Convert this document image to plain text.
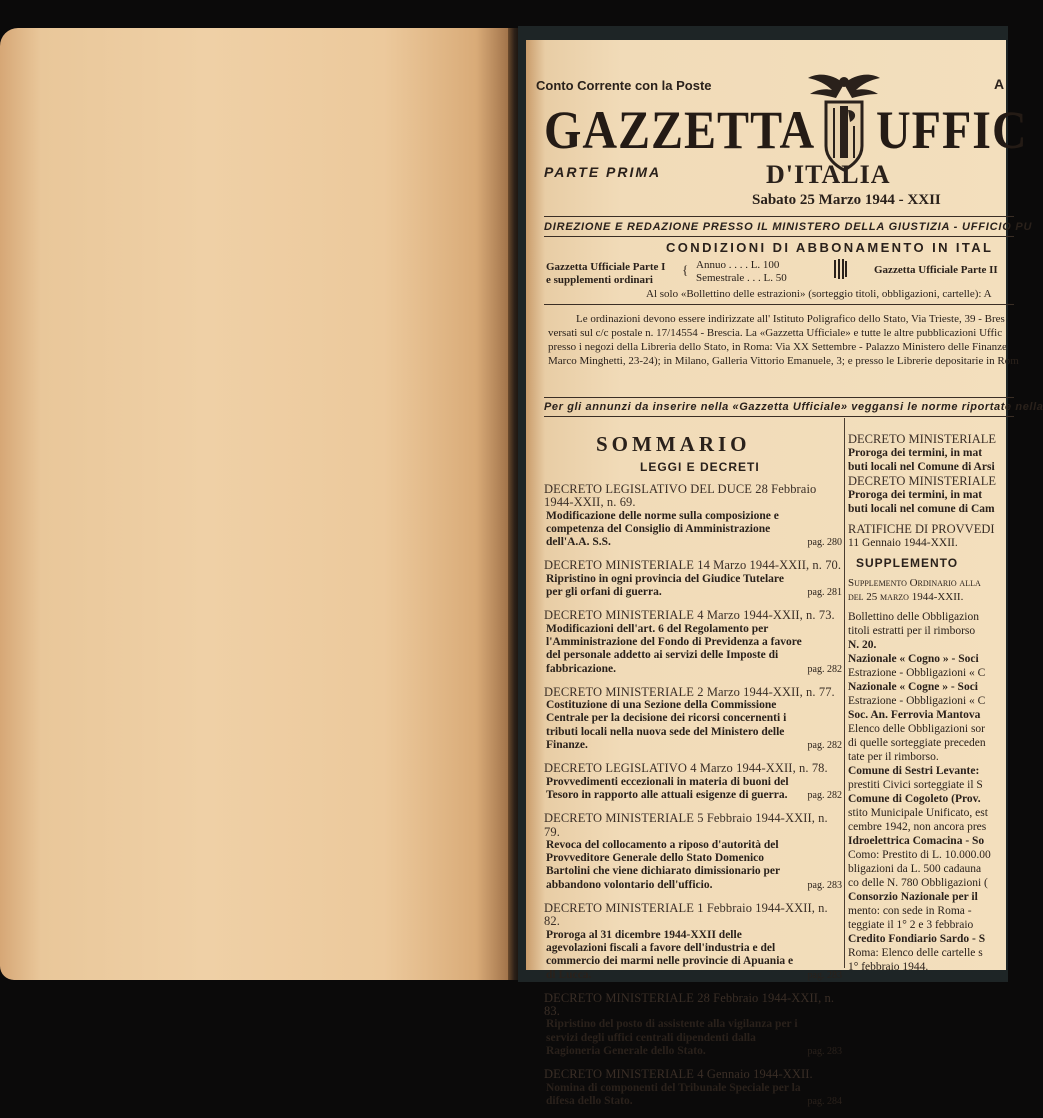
Conto Corrente con la Poste	A
GAZZETTA UFFIC
PARTE PRIMA	D'ITALIA
Sabato 25 Marzo 1944 - XXII
DIREZIONE E REDAZIONE PRESSO IL MINISTERO DELLA GIUSTIZIA - UFFICIO PU
CONDIZIONI DI ABBONAMENTO IN ITAL
Gazzetta Ufficiale Parte I
e supplementi ordinari
{ Annuo . . . . L. 100
Semestrale . . . L. 50
Gazzetta Ufficiale Parte II
Al solo «Bollettino delle estrazioni» (sorteggio titoli, obbligazioni, cartelle): A
Le ordinazioni devono essere indirizzate all' Istituto Poligrafico dello Stato, Via Trieste, 39 - Bres
versati sul c/c postale n. 17/14554 - Brescia. La «Gazzetta Ufficiale» e tutte le altre pubblicazioni Uffic
presso i negozi della Libreria dello Stato, in Roma: Via XX Settembre - Palazzo Ministero delle Finanze
Marco Minghetti, 23-24); in Milano, Galleria Vittorio Emanuele, 3; e presso le Librerie depositarie in Rom
Per gli annunzi da inserire nella «Gazzetta Ufficiale» veggansi le norme riportate nella
SOMMARIO
LEGGI E DECRETI
DECRETO LEGISLATIVO DEL DUCE 28 Febbraio 1944-XXII, n. 69.
Modificazione delle norme sulla composizione e competenza del Consiglio di Amministrazione dell'A.A. S.S.	pag. 280
DECRETO MINISTERIALE 14 Marzo 1944-XXII, n. 70.
Ripristino in ogni provincia del Giudice Tutelare per gli orfani di guerra.	pag. 281
DECRETO MINISTERIALE 4 Marzo 1944-XXII, n. 73.
Modificazioni dell'art. 6 del Regolamento per l'Amministrazione del Fondo di Previdenza a favore del personale addetto ai servizi delle Imposte di fabbricazione.	pag. 282
DECRETO MINISTERIALE 2 Marzo 1944-XXII, n. 77.
Costituzione di una Sezione della Commissione Centrale per la decisione dei ricorsi concernenti i tributi locali nella nuova sede del Ministero delle Finanze.	pag. 282
DECRETO LEGISLATIVO 4 Marzo 1944-XXII, n. 78.
Provvedimenti eccezionali in materia di buoni del Tesoro in rapporto alle attuali esigenze di guerra.	pag. 282
DECRETO MINISTERIALE 5 Febbraio 1944-XXII, n. 79.
Revoca del collocamento a riposo d'autorità del Provveditore Generale dello Stato Domenico Bartolini che viene dichiarato dimissionario per abbandono volontario dell'ufficio.	pag. 283
DECRETO MINISTERIALE 1 Febbraio 1944-XXII, n. 82.
Proroga al 31 dicembre 1944-XXII delle agevolazioni fiscali a favore dell'industria e del commercio dei marmi nelle provincie di Apuania e di Lucca.	pag. 283
DECRETO MINISTERIALE 28 Febbraio 1944-XXII, n. 83.
Ripristino del posto di assistente alla vigilanza per i servizi degli uffici centrali dipendenti dalla Ragioneria Generale dello Stato.	pag. 283
DECRETO MINISTERIALE 4 Gennaio 1944-XXII.
Nomina di componenti del Tribunale Speciale per la difesa dello Stato.	pag. 284
DECRETO MINISTERIALE
Proroga dei termini, in mat
buti locali nel Comune di Arsi
DECRETO MINISTERIALE
Proroga dei termini, in mat
buti locali nel comune di Cam

RATIFICHE DI PROVVEDI
11 Gennaio 1944-XXII.

SUPPLEMENTO

Supplemento Ordinario alla
del 25 marzo 1944-XXII.

Bollettino delle Obbligazion
titoli estratti per il rimborso
N. 20.
Nazionale « Cogno » - Soci
Estrazione - Obbligazioni « C
Nazionale « Cogne » - Soci
Estrazione - Obbligazioni « C
Soc. An. Ferrovia Mantova
Elenco delle Obbligazioni sor
di quelle sorteggiate preceden
tate per il rimborso.
Comune di Sestri Levante:
prestiti Civici sorteggiate il S
Comune di Cogoleto (Prov.
stito Municipale Unificato, est
cembre 1942, non ancora pres
Idroelettrica Comacina - So
Como: Prestito di L. 10.000.00
bligazioni da L. 500 cadauna
co delle N. 780 Obbligazioni (
Consorzio Nazionale per il
mento: con sede in Roma -
teggiate il 1° 2 e 3 febbraio
Credito Fondiario Sardo - S
Roma: Elenco delle cartelle s
1° febbraio 1944.
